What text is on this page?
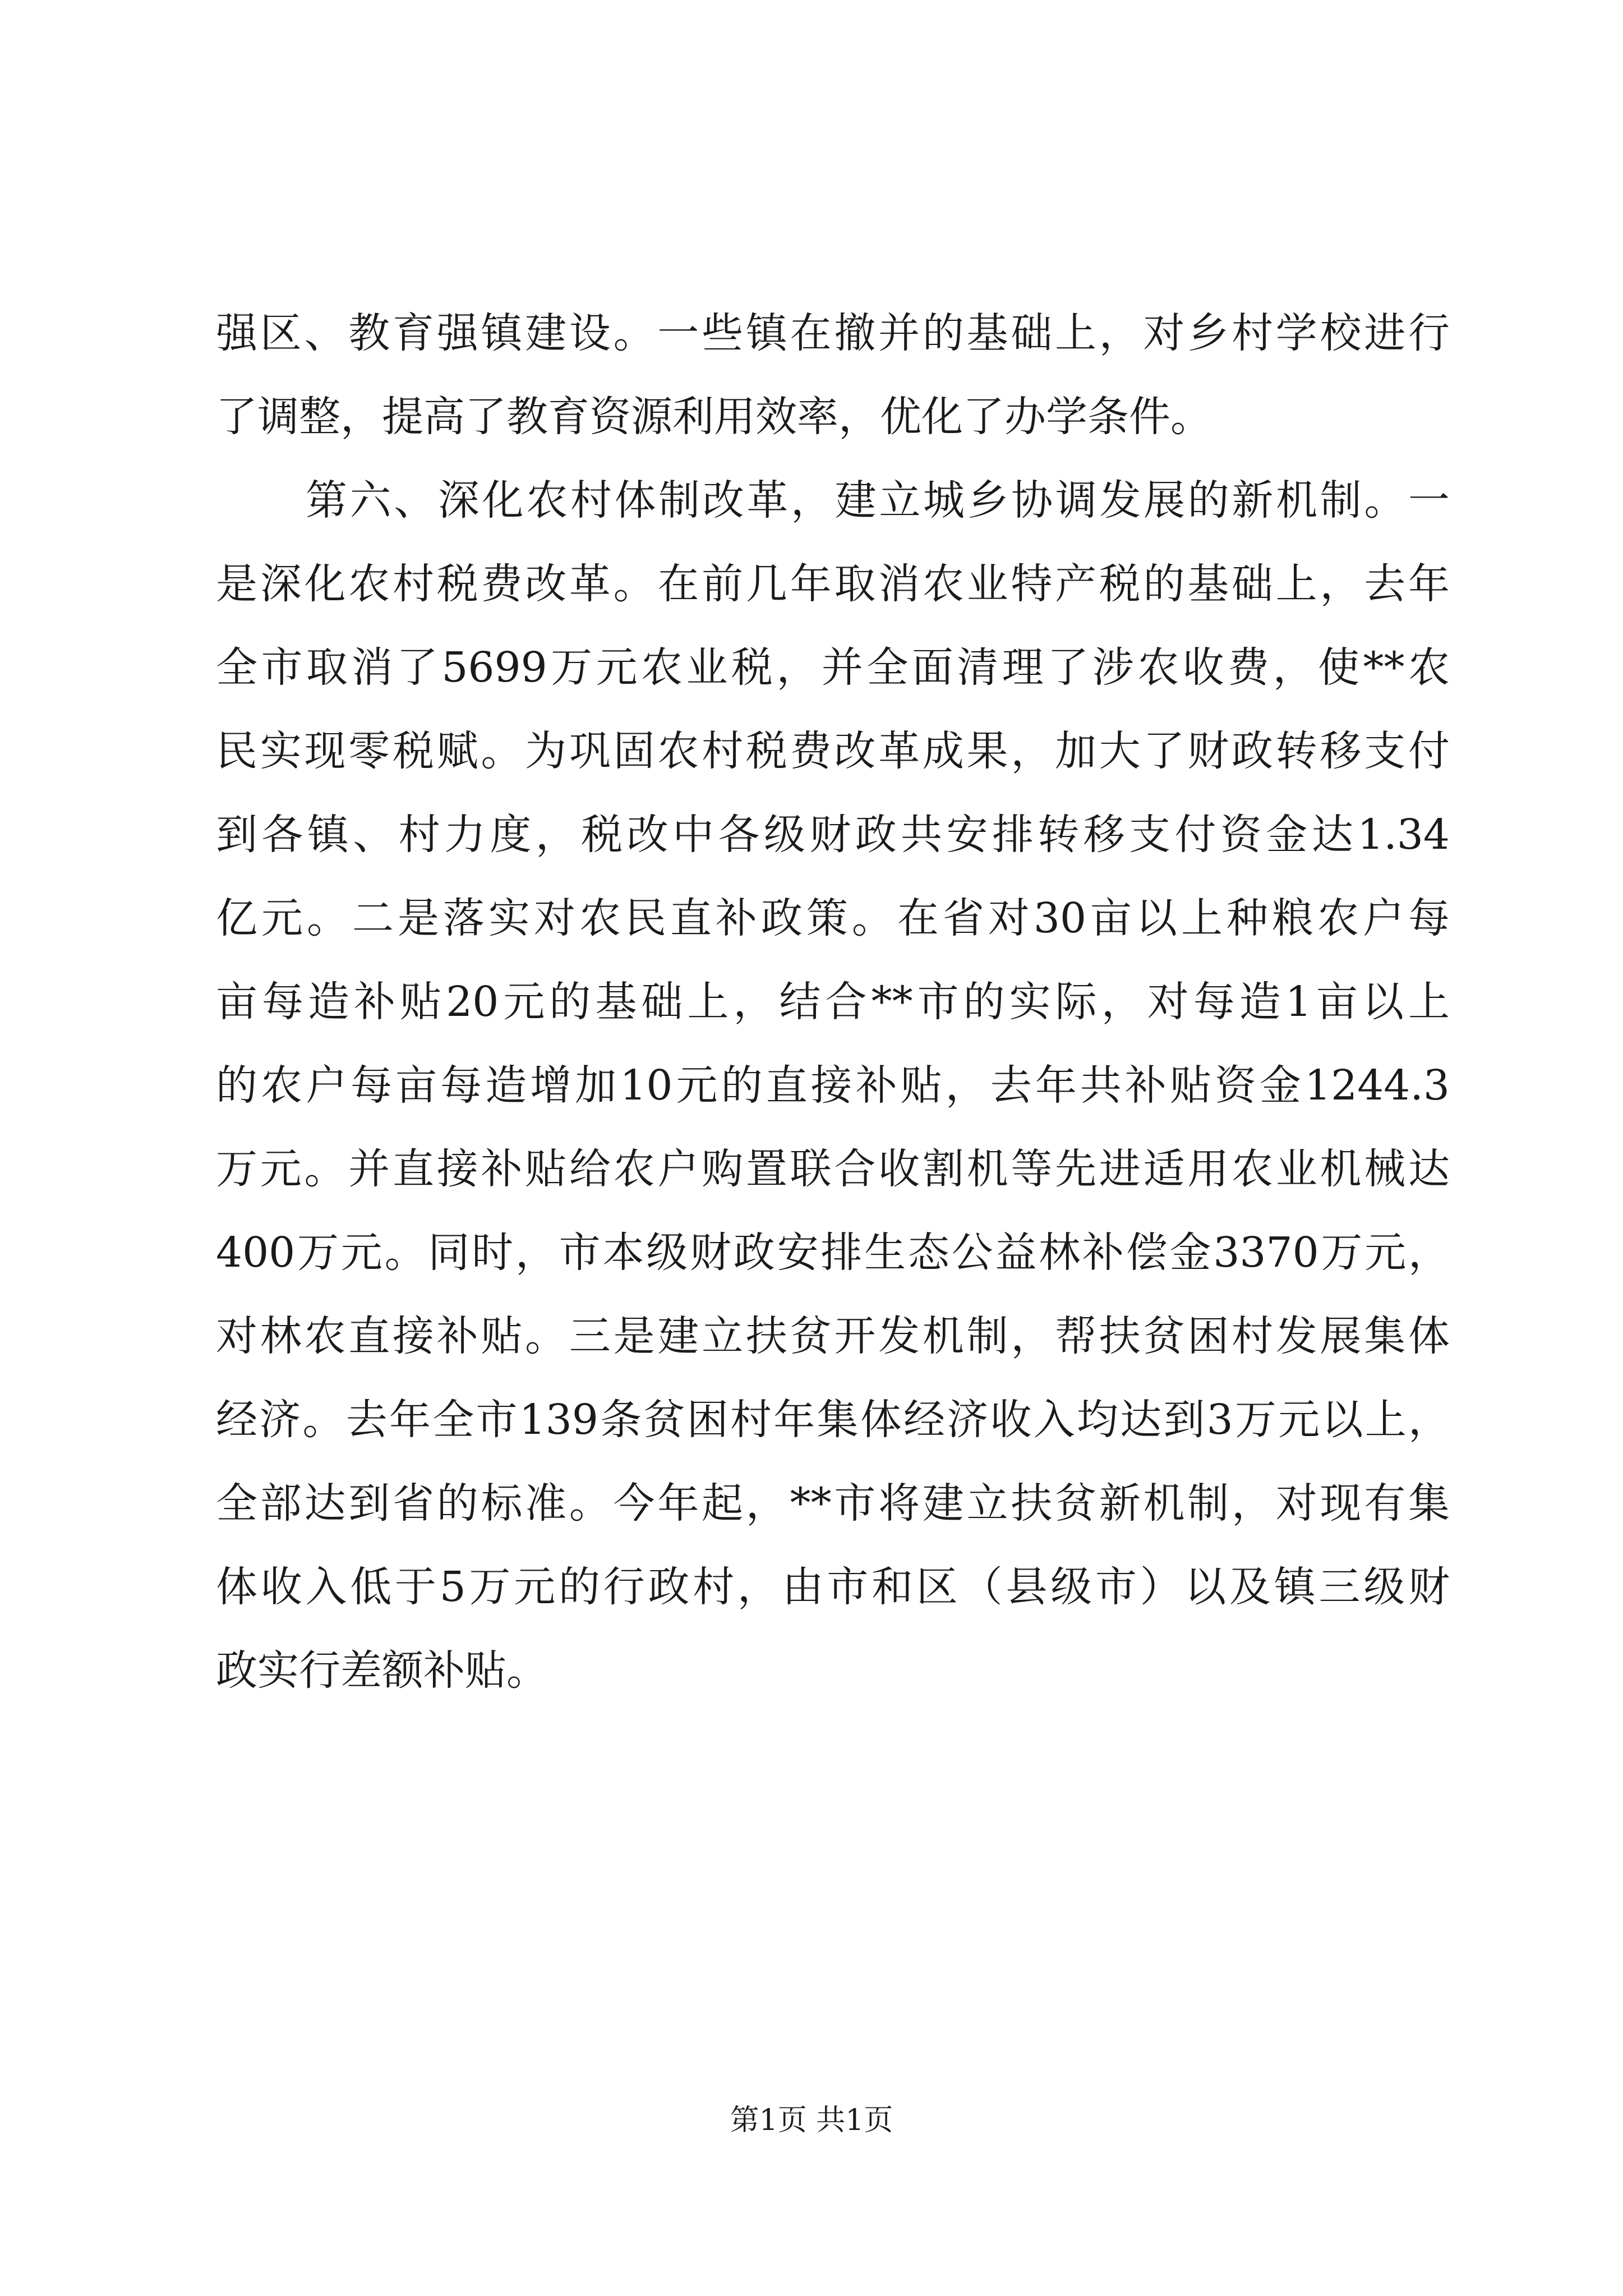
强区、教育强镇建设。一些镇在撤并的基础上，对乡村学校进行
了调整，提高了教育资源利用效率，优化了办学条件。
第六、深化农村体制改革，建立城乡协调发展的新机制。一
是深化农村税费改革。在前几年取消农业特产税的基础上，去年
全市取消了5699万元农业税，并全面清理了涉农收费，使**农
民实现零税赋。为巩固农村税费改革成果，加大了财政转移支付
到各镇、村力度，税改中各级财政共安排转移支付资金达1.34
亿元。二是落实对农民直补政策。在省对30亩以上种粮农户每
亩每造补贴20元的基础上，结合**市的实际，对每造1亩以上
的农户每亩每造增加10元的直接补贴，去年共补贴资金1244.3
万元。并直接补贴给农户购置联合收割机等先进适用农业机械达
400万元。同时，市本级财政安排生态公益林补偿金3370万元，
对林农直接补贴。三是建立扶贫开发机制，帮扶贫困村发展集体
经济。去年全市139条贫困村年集体经济收入均达到3万元以上，
全部达到省的标准。今年起，**市将建立扶贫新机制，对现有集
体收入低于5万元的行政村，由市和区（县级市）以及镇三级财
政实行差额补贴。
第1页 共1页
